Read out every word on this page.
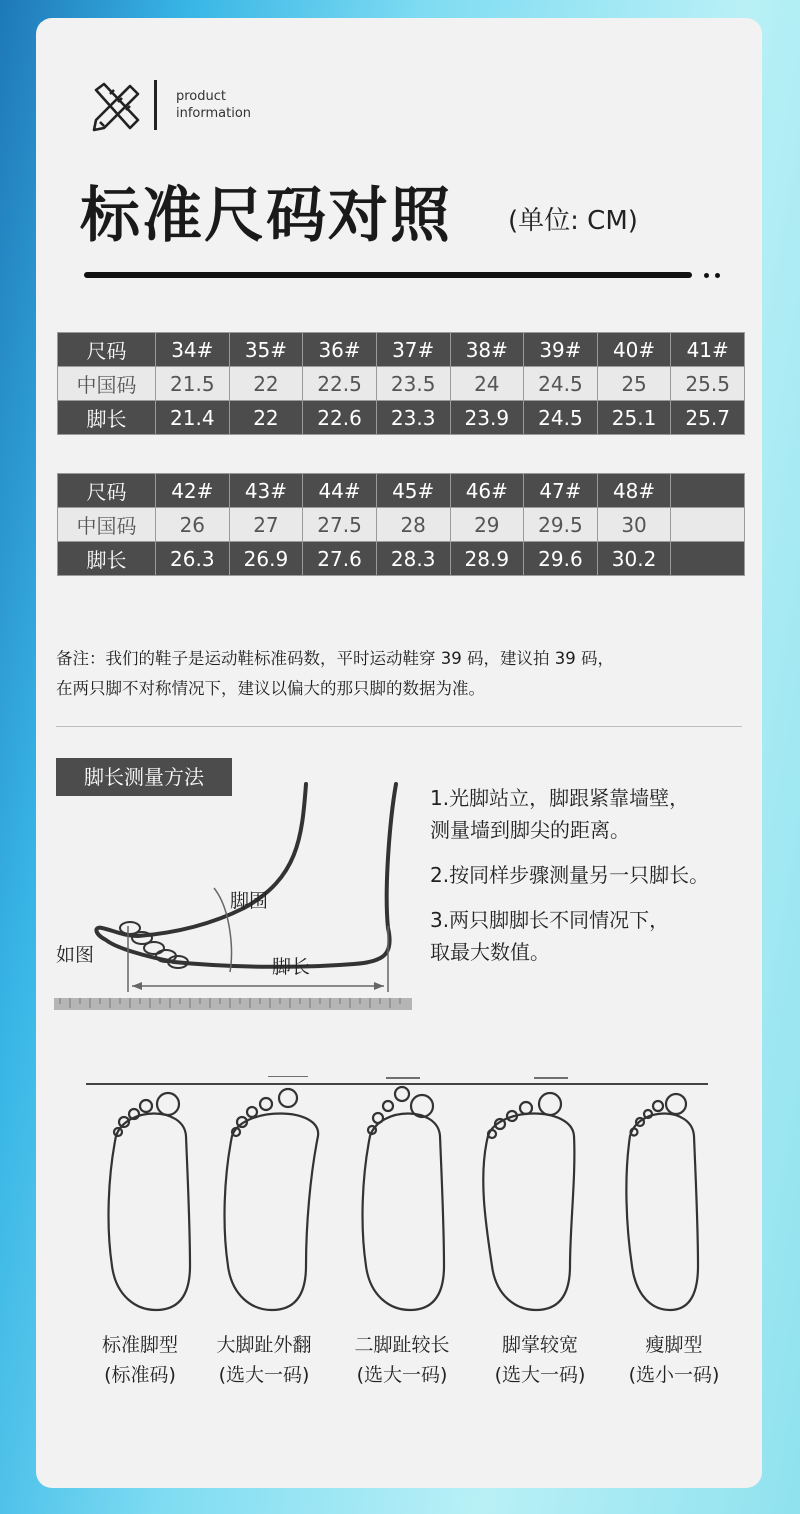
product
information
标准尺码对照 (单位: CM)
尺码	34#	35#	36#	37#	38#	39#	40#	41#
中国码	21.5	22	22.5	23.5	24	24.5	25	25.5
脚长	21.4	22	22.6	23.3	23.9	24.5	25.1	25.7
尺码	42#	43#	44#	45#	46#	47#	48#	
中国码	26	27	27.5	28	29	29.5	30	
脚长	26.3	26.9	27.6	28.3	28.9	29.6	30.2	
备注：我们的鞋子是运动鞋标准码数，平时运动鞋穿 39 码，建议拍 39 码，
在两只脚不对称情况下，建议以偏大的那只脚的数据为准。
脚长测量方法
如图
脚围
脚长

1.光脚站立，脚跟紧靠墙壁，
测量墙到脚尖的距离。

2.按同样步骤测量另一只脚长。

3.两只脚脚长不同情况下，
取最大数值。

标准脚型
(标准码)
大脚趾外翻
(选大一码)
二脚趾较长
(选大一码)
脚掌较宽
(选大一码)
瘦脚型
(选小一码)
